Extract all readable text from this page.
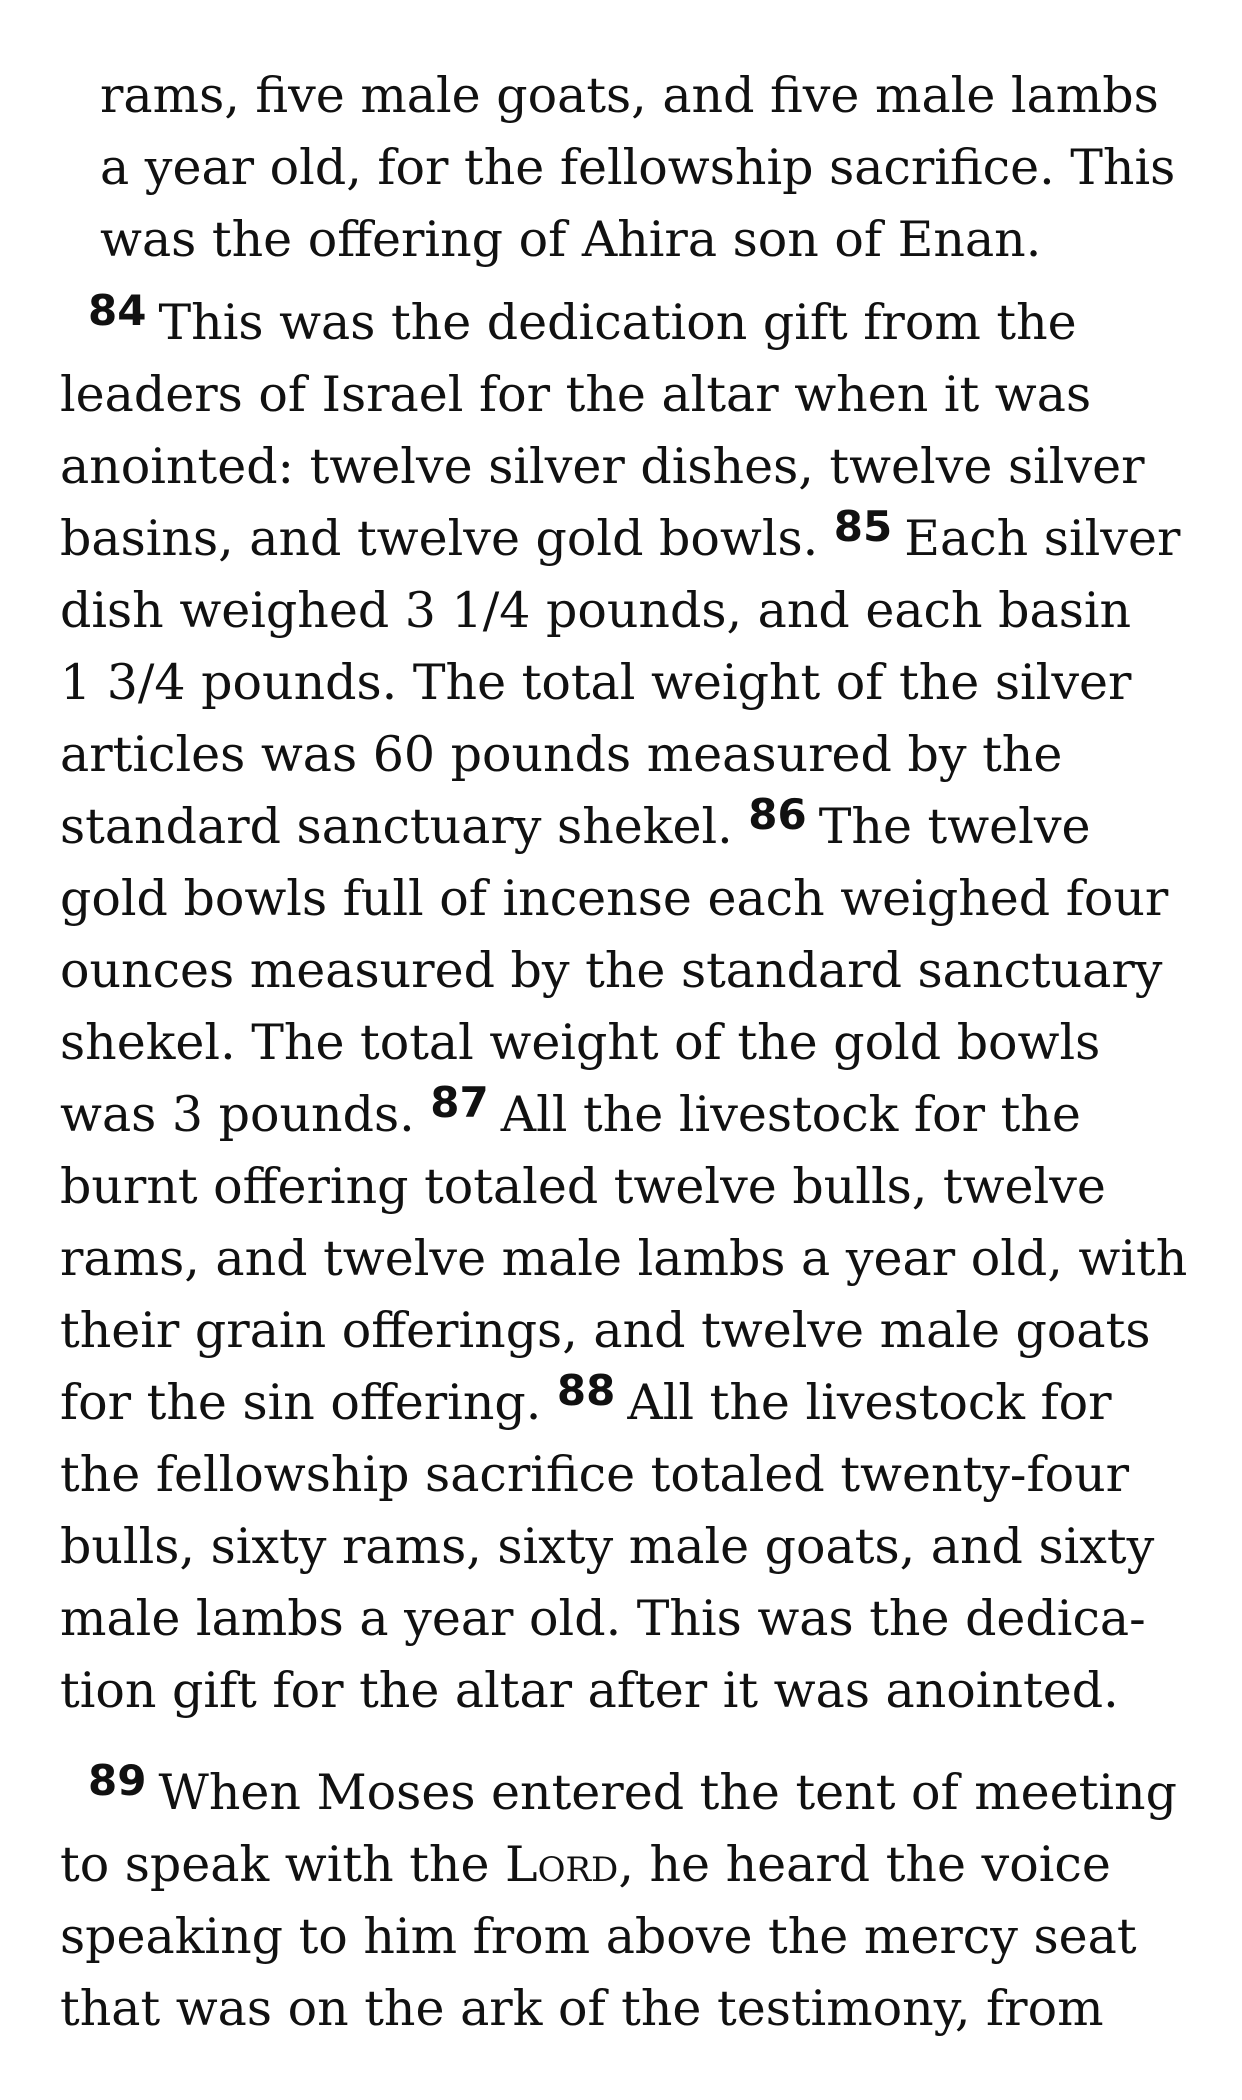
rams, five male goats, and five male lambs
a year old, for the fellowship sacrifice. This
was the offering of Ahira son of Enan.
84 This was the dedication gift from the
leaders of Israel for the altar when it was
anointed: twelve silver dishes, twelve silver
basins, and twelve gold bowls. 85 Each silver
dish weighed 3 1/4 pounds, and each basin
1 3/4 pounds. The total weight of the silver
articles was 60 pounds measured by the
standard sanctuary shekel. 86 The twelve
gold bowls full of incense each weighed four
ounces measured by the standard sanctuary
shekel. The total weight of the gold bowls
was 3 pounds. 87 All the livestock for the
burnt offering totaled twelve bulls, twelve
rams, and twelve male lambs a year old, with
their grain offerings, and twelve male goats
for the sin offering. 88 All the livestock for
the fellowship sacrifice totaled twenty-four
bulls, sixty rams, sixty male goats, and sixty
male lambs a year old. This was the dedica-
tion gift for the altar after it was anointed.
89 When Moses entered the tent of meeting
to speak with the Lord, he heard the voice
speaking to him from above the mercy seat
that was on the ark of the testimony, from
